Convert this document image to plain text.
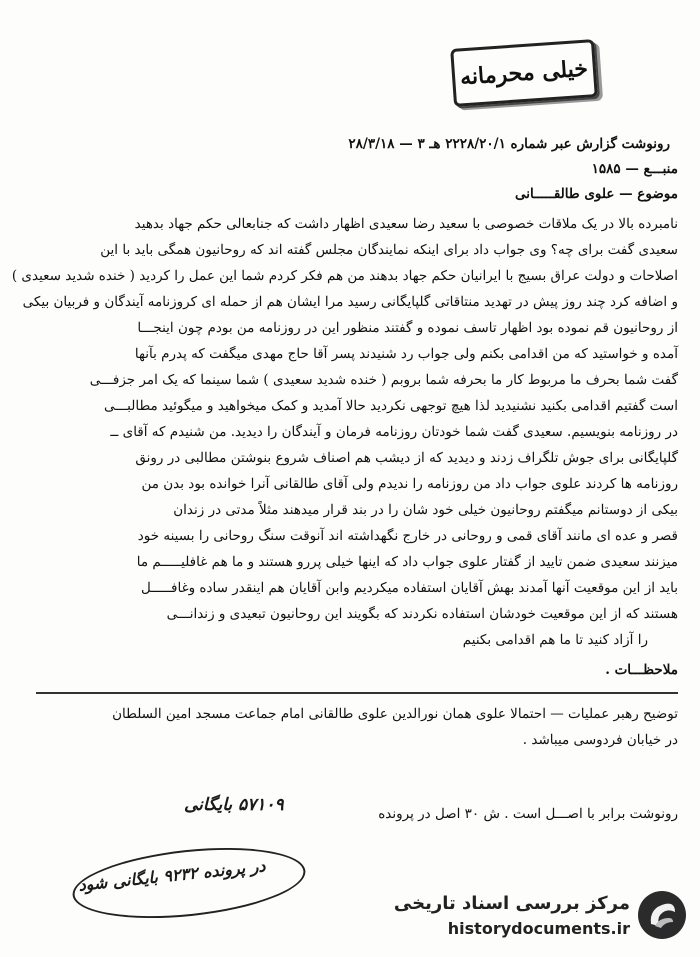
خیلی محرمانه
رونوشت گزارش عبر شماره ۲۲۲۸/۲۰/۱ هـ ۳ — ۲۸/۳/۱۸
منبـــع — ۱۵۸۵
موضوع — علوی طالقـــــانی
نامبرده بالا در یک ملاقات خصوصی با سعید رضا سعیدی اظهار داشت که جنابعالی حکم جهاد بدهید
سعیدی گفت برای چه؟ وی جواب داد برای اینکه نمایندگان مجلس گفته اند که روحانیون همگی باید با این
اصلاحات و دولت عراق بسیج با ایرانیان حکم جهاد بدهند من هم فکر کردم شما این عمل را کردید ( خنده شدید سعیدی )
و اضافه کرد چند روز پیش در تهدید منتاقاتی گلپایگانی رسید مرا ایشان هم از حمله ای کروزنامه آیندگان و فربیان بیکی
از روحانیون قم نموده بود اظهار تاسف نموده و گفتند منظور این در روزنامه من بودم چون اینجـــا
آمده و خواستید که من اقدامی بکنم ولی جواب رد شنیدند پسر آقا حاج مهدی میگفت که پدرم بآنها
گفت شما بحرف ما مربوط کار ما بحرفه شما بروبم ( خنده شدید سعیدی ) شما سینما که یک امر جزفـــی
است گفتیم اقدامی بکنید نشنیدید لذا هیچ توجهی نکردید حالا آمدید و کمک میخواهید و میگوئید مطالبـــی
در روزنامه بنویسیم. سعیدی گفت شما خودتان روزنامه فرمان و آیندگان را دیدید. من شنیدم که آقای ــ
گلپایگانی برای جوش تلگراف زدند و دیدید که از دیشب هم اصناف شروع بنوشتن مطالبی در رونق
روزنامه ها کردند علوی جواب داد من روزنامه را ندیدم ولی آقای طالقانی آنرا خوانده بود بدن من
بیکی از دوستانم میگفتم روحانیون خیلی خود شان را در بند قرار میدهند مثلاً مدتی در زندان
قصر و عده ای مانند آقای قمی و روحانی در خارج نگهداشته اند آنوقت سنگ روحانی را بسینه خود
میزنند سعیدی ضمن تایید از گفتار علوی جواب داد که اینها خیلی پررو هستند و ما هم غافلیـــــم ما
باید از این موقعیت آنها آمدند بهش آقایان استفاده میکردیم وابن آقایان هم اینقدر ساده وغافـــــل
هستند که از این موقعیت خودشان استفاده نکردند که بگویند این روحانیون تبعیدی و زندانـــی
را آزاد کنید تا ما هم اقدامی بکنیم
ملاحظـــات .
توضیح رهبر عملیات — احتمالا علوی همان نورالدین علوی طالقانی امام جماعت مسجد امین السلطان
در خیابان فردوسی میباشد .
رونوشت برابر با اصـــل است . ش ۳۰ اصل در پرونده
۵۷۱۰۹ بایگانی
در پرونده ۹۲۳۲ بایگانی شود
مرکز بررسی اسناد تاریخی
historydocuments.ir
